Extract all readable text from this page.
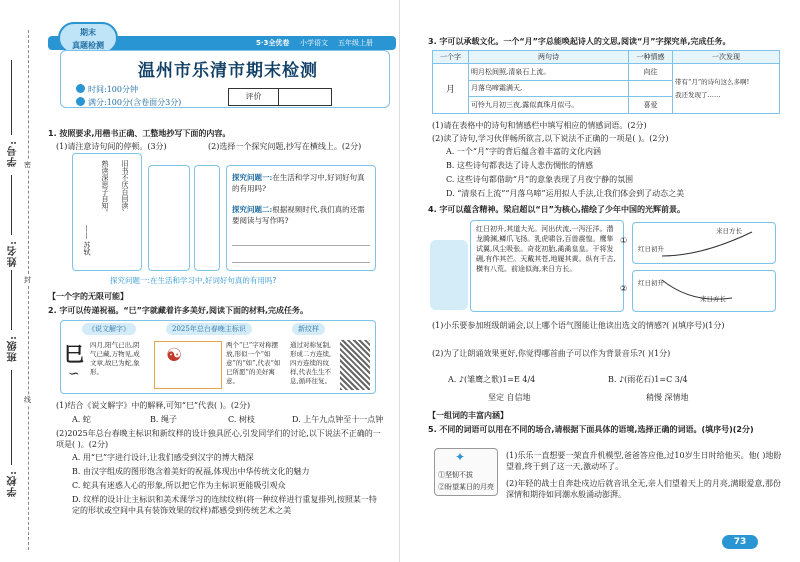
学校:
班级:
姓名:
学号: 密
封
线
期末
真题检测	5·3全优卷 小学语文 五年级上册
温州市乐清市期末检测
时间:100分钟
满分:100分(含卷面分3分)
评价
1. 按照要求,用楷书正确、工整地抄写下面的内容。
(1)请注意诗句间的停顿。(3分)	(2)选择一个探究问题,抄写在横线上。(2分)
熟读深思子自知。 旧书不厌百回读,
—— 苏轼
探究问题一:在生活和学习中,好词好句真的有用吗?
探究问题二:根据视频时代,我们真的还需要阅读与写作吗?
探究问题一:在生活和学习中,好词好句真的有用吗?
【一个字的无限可能】
2. 字可以传递祝福。“巳”字就藏着许多美好,阅读下面的材料,完成任务。
《说文解字》	2025年总台春晚主标识	新纹样
巳
∽
四月,阳气已出,阴气已藏,万物见,成文章,故巳为蛇,象形。
☯	两个“巳”字对称摆放,形似一个“如意”的“如”,代表“如巳所愿”的美好寓意。
通过对称复制,形成二方连续,四方连续的纹样,代表生生不息,循环往复。
(1)结合《说文解字》中的解释,可知“巳”代表( )。(2分)
A. 蛇	B. 绳子	C. 树枝	D. 上午九点钟至十一点钟
(2)2025年总台春晚主标识和新纹样的设计独具匠心,引发同学们的讨论,以下说法不正确的一项是( )。(2分)
A. 用“巳”字进行设计,让我们感受到汉字的博大精深
B. 由汉字组成的图形饱含着美好的祝福,体现出中华传统文化的魅力
C. 蛇具有迷惑人心的形象,所以把它作为主标识更能吸引观众
D. 纹样的设计让主标识和美术课学习的连续纹样(将一种纹样进行重复排列,按照某一特定的形状或空间中具有装饰效果的纹样)都感受到传统艺术之美
3. 字可以承载文化。一个“月”字总能唤起诗人的文思,阅读“月”字探究单,完成任务。
一个字	两句诗	一种情感	一次发现
月	明月松间照,清泉石上流。	向往	带有“月”的诗句这么多啊!
我还发现了……

	月落乌啼霜满天,		
	可怜九月初三夜,露似真珠月似弓。	喜爱	
(1)请在表格中的诗句和情感栏中填写相应的情感词语。(2分)
(2)读了诗句,学习伙伴畅所欲言,以下说法不正确的一项是( )。(2分)
A. 一个“月”字的背后蕴含着丰富的文化内涵
B. 这些诗句都表达了诗人悲伤惆怅的情感
C. 这些诗句都借助“月”的意象表现了月夜宁静的氛围
D. “清泉石上流”“月落乌啼”运用拟人手法,让我们体会到了动态之美
4. 字可以蕴含精神。梁启超以“日”为核心,描绘了少年中国的光辉前景。
红日初升,其道大光。河出伏流,一泻汪洋。潜龙腾渊,鳞爪飞扬。乳虎啸谷,百兽震惶。鹰隼试翼,风尘吸张。奇花初胎,矞矞皇皇。干将发硎,有作其芒。天戴其苍,地履其黄。纵有千古,横有八荒。前途似海,来日方长。
红日初升
来日方长
①
红日初升
来日方长
②
(1)小乐要参加班级朗诵会,以上哪个语气图能让他读出选文的情感?( )(填序号)(1分)
(2)为了让朗诵效果更好,你觉得哪首曲子可以作为背景音乐?( )(1分)
A. ♪(雏鹰之歌)1=E 4/4
坚定 自信地
B. ♪(雨花石)1=C 3/4
稍慢 深情地
【一组词的丰富内涵】
5. 不同的词语可以用在不同的场合,请根据下面具体的语境,选择正确的词语。(填序号)(2分)
①坚韧不拔
②盼望某日的月亮
✦	(1)乐乐一直想要一架直升机模型,爸爸答应他,过10岁生日时给他买。他( )地盼望着,终于到了这一天,激动坏了。
(2)年轻的战士自奔赴戍边后就音讯全无,亲人们望着天上的月亮,满眼爱意,那份深情和期待如同潮水般涌动澎湃。
73
